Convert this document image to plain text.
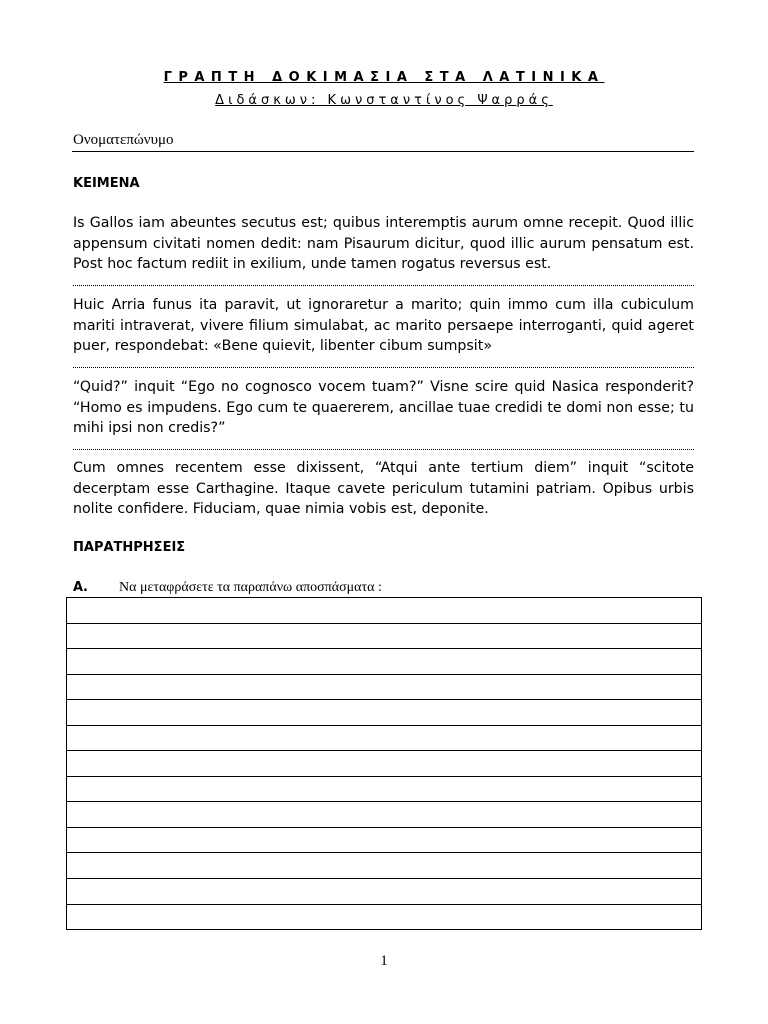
ΓΡΑΠΤΗ ΔΟΚΙΜΑΣΙΑ ΣΤΑ ΛΑΤΙΝΙΚΑ
Διδάσκων: Κωνσταντίνος Ψαρράς
Ονοματεπώνυμο
ΚΕΙΜΕΝΑ
Is Gallos iam abeuntes secutus est; quibus interemptis aurum omne recepit. Quod illic appensum civitati nomen dedit: nam Pisaurum dicitur, quod illic aurum pensatum est. Post hoc factum rediit in exilium, unde tamen rogatus reversus est.
Huic Arria funus ita paravit, ut ignoraretur a marito; quin immo cum illa cubiculum mariti intraverat, vivere filium simulabat, ac marito persaepe interroganti, quid ageret puer, respondebat: «Bene quievit, libenter cibum sumpsit»
“Quid?” inquit “Ego no cognosco vocem tuam?” Visne scire quid Nasica responderit? “Homo es impudens. Ego cum te quaererem, ancillae tuae credidi te domi non esse; tu mihi ipsi non credis?”
Cum omnes recentem esse dixissent, “Atqui ante tertium diem” inquit “scitote decerptam esse Carthagine. Itaque cavete periculum tutamini patriam. Opibus urbis nolite confidere. Fiduciam, quae nimia vobis est, deponite.
ΠΑΡΑΤΗΡΗΣΕΙΣ
Α. Να μεταφράσετε τα παραπάνω αποσπάσματα :
1
